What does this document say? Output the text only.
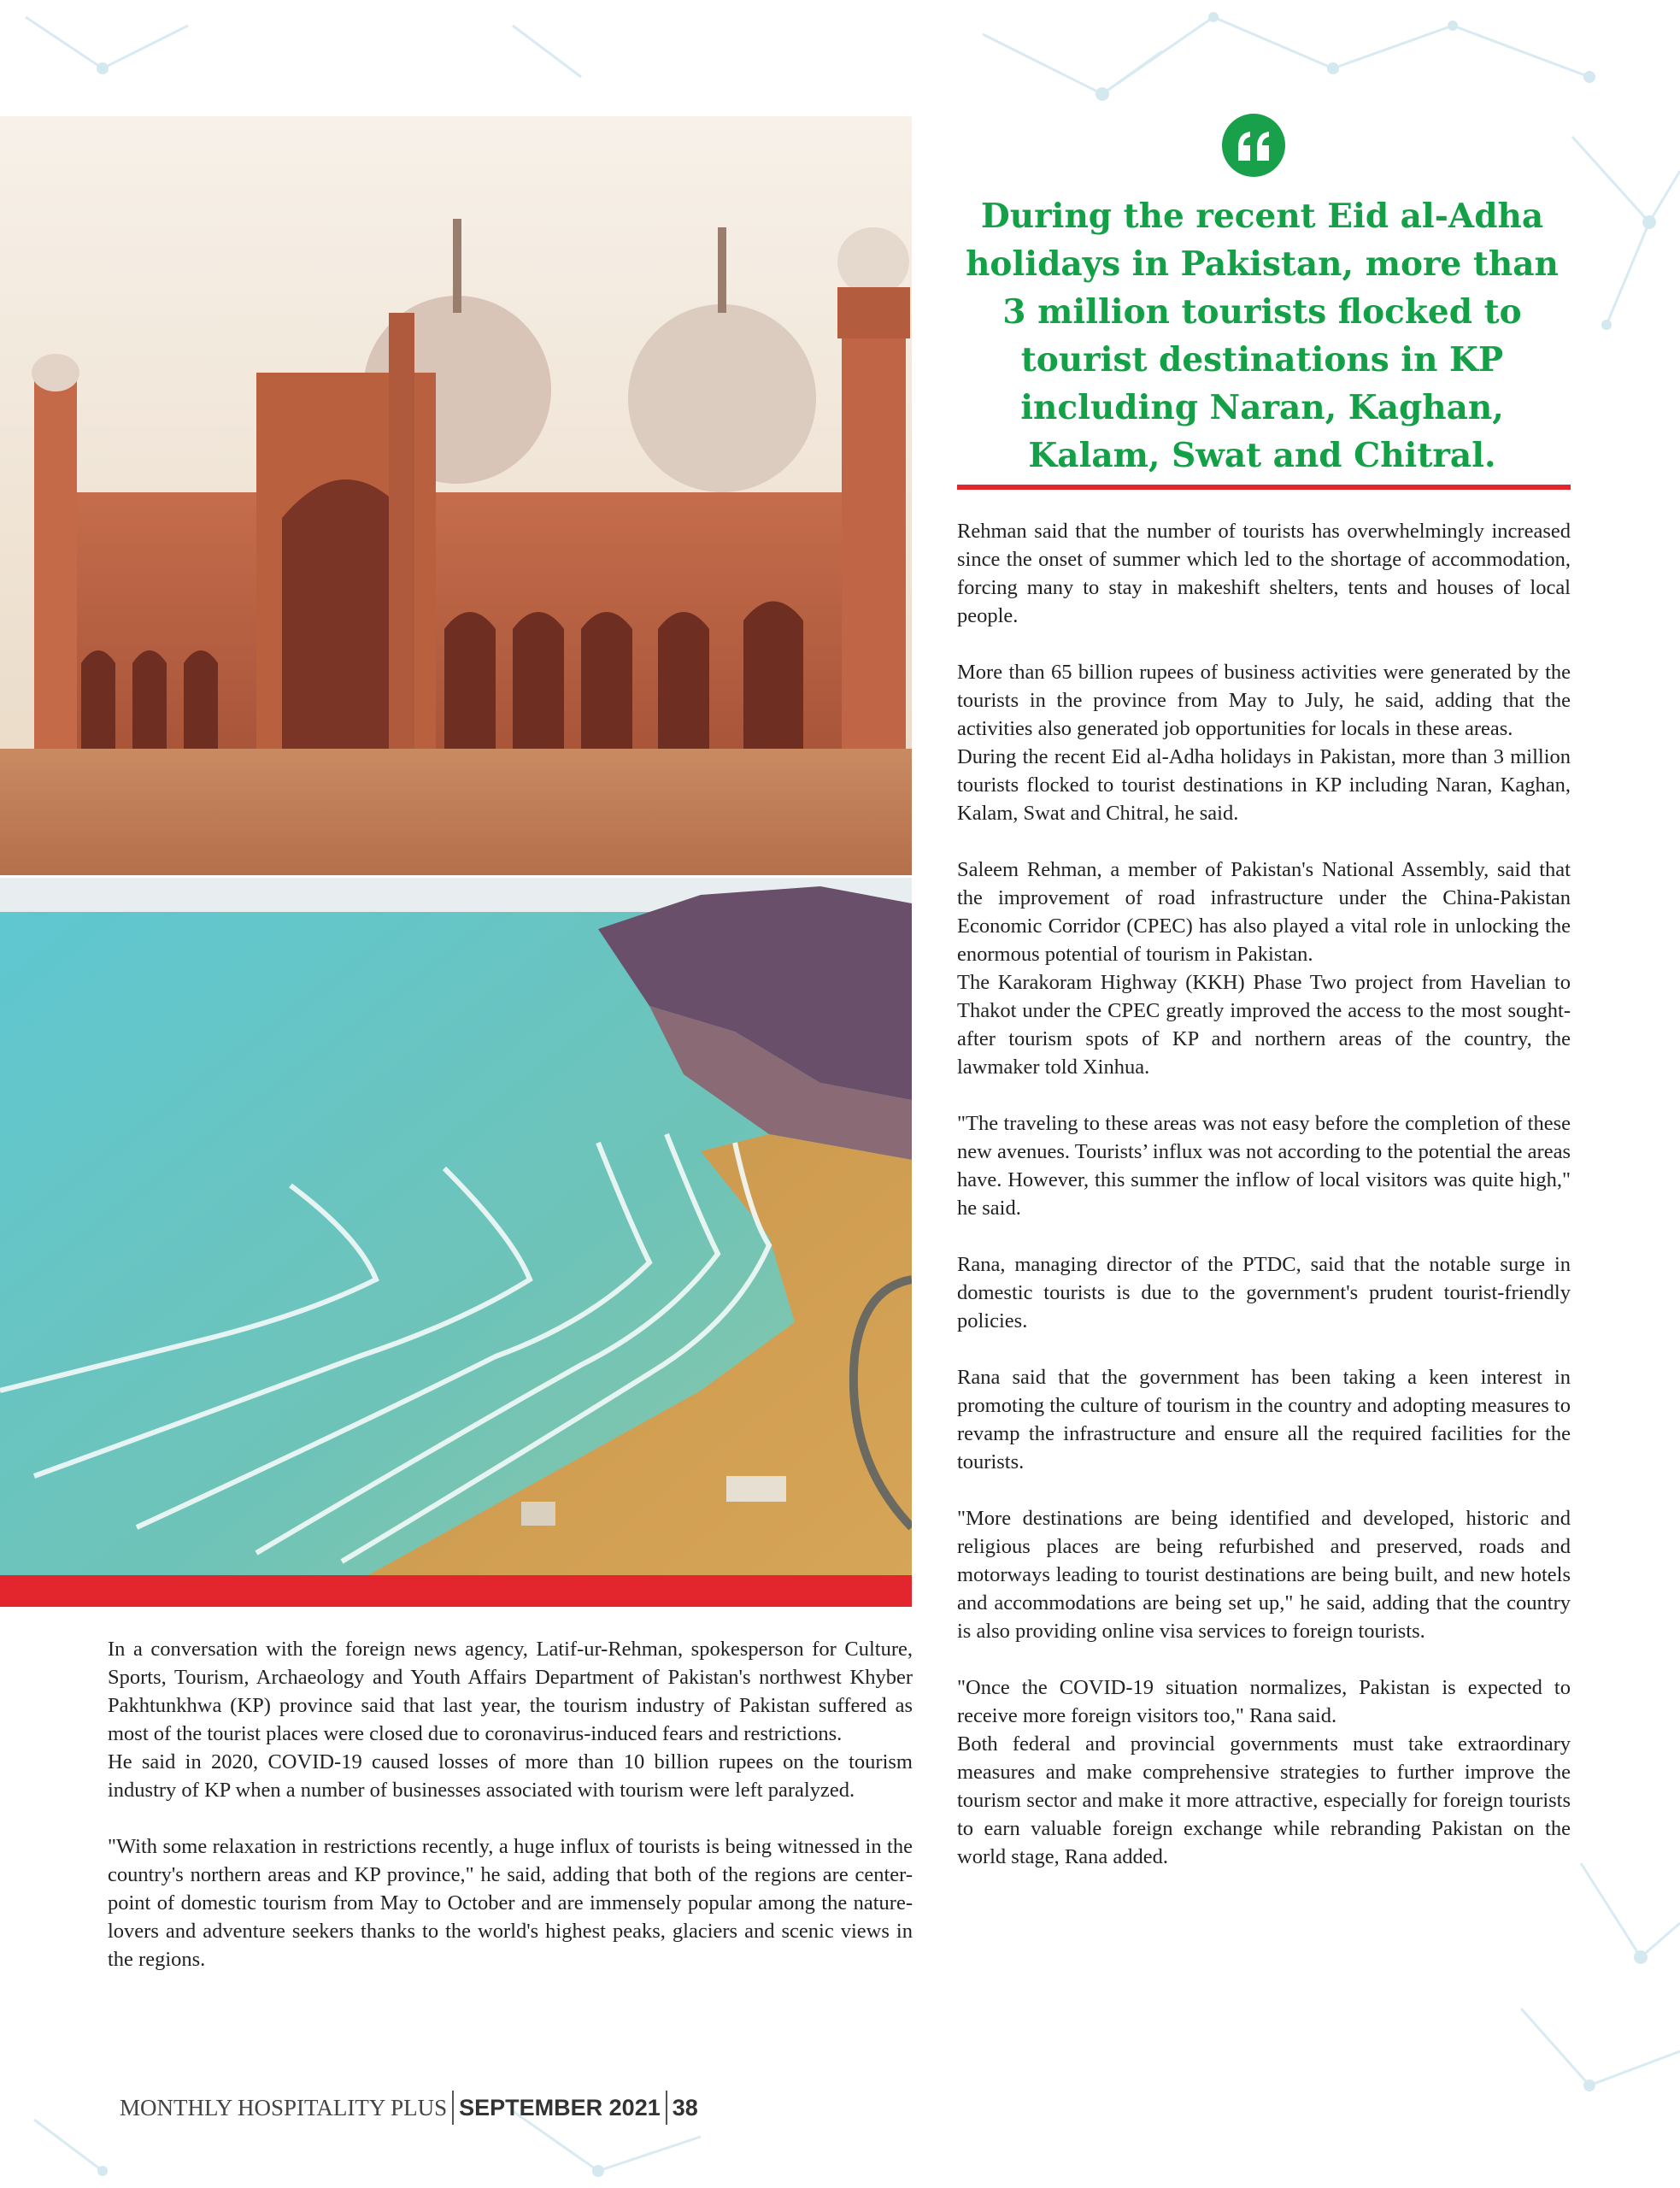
During the recent Eid al-Adha holidays in Pakistan, more than 3 million tourists flocked to tourist destinations in KP including Naran, Kaghan, Kalam, Swat and Chitral.

Rehman said that the number of tourists has overwhelmingly increased since the onset of summer which led to the shortage of accommodation, forcing many to stay in makeshift shelters, tents and houses of local people.

More than 65 billion rupees of business activities were generated by the tourists in the province from May to July, he said, adding that the activities also generated job opportunities for locals in these areas.

During the recent Eid al-Adha holidays in Pakistan, more than 3 million tourists flocked to tourist destinations in KP including Naran, Kaghan, Kalam, Swat and Chitral, he said.

Saleem Rehman, a member of Pakistan's National Assembly, said that the improvement of road infrastructure under the China-Pakistan Economic Corridor (CPEC) has also played a vital role in unlocking the enormous potential of tourism in Pakistan.

The Karakoram Highway (KKH) Phase Two project from Havelian to Thakot under the CPEC greatly improved the access to the most sought-after tourism spots of KP and northern areas of the country, the lawmaker told Xinhua.

"The traveling to these areas was not easy before the completion of these new avenues. Tourists’ influx was not according to the potential the areas have. However, this summer the inflow of local visitors was quite high," he said.

Rana, managing director of the PTDC, said that the notable surge in domestic tourists is due to the government's prudent tourist-friendly policies.

Rana said that the government has been taking a keen interest in promoting the culture of tourism in the country and adopting measures to revamp the infrastructure and ensure all the required facilities for the tourists.

"More destinations are being identified and developed, historic and religious places are being refurbished and preserved, roads and motorways leading to tourist destinations are being built, and new hotels and accommodations are being set up," he said, adding that the country is also providing online visa services to foreign tourists.

"Once the COVID-19 situation normalizes, Pakistan is expected to receive more foreign visitors too," Rana said.

Both federal and provincial governments must take extraordinary measures and make comprehensive strategies to further improve the tourism sector and make it more attractive, especially for foreign tourists to earn valuable foreign exchange while rebranding Pakistan on the world stage, Rana added.

In a conversation with the foreign news agency, Latif-ur-Rehman, spokesperson for Culture, Sports, Tourism, Archaeology and Youth Affairs Department of Pakistan's northwest Khyber Pakhtunkhwa (KP) province said that last year, the tourism industry of Pakistan suffered as most of the tourist places were closed due to coronavirus-induced fears and restrictions.

He said in 2020, COVID-19 caused losses of more than 10 billion rupees on the tourism industry of KP when a number of businesses associated with tourism were left paralyzed.

"With some relaxation in restrictions recently, a huge influx of tourists is being witnessed in the country's northern areas and KP province," he said, adding that both of the regions are center-point of domestic tourism from May to October and are immensely popular among the nature-lovers and adventure seekers thanks to the world's highest peaks, glaciers and scenic views in the regions.

MONTHLY HOSPITALITY PLUS SEPTEMBER 2021 38
